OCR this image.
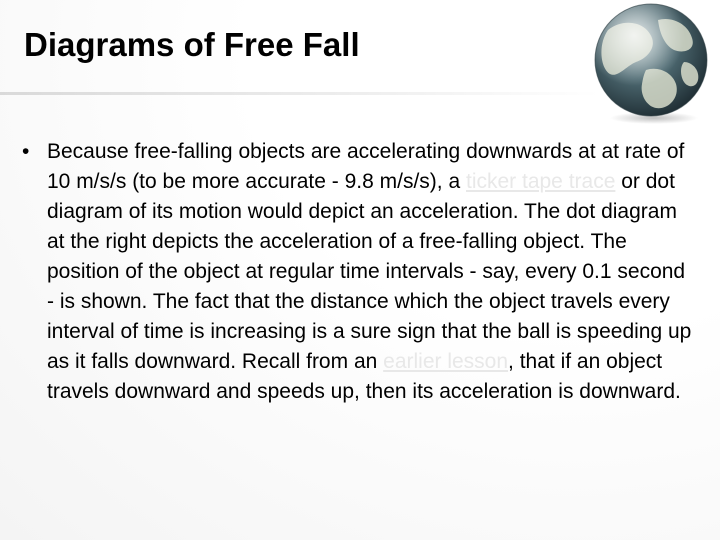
Diagrams of Free Fall
• Because free-falling objects are accelerating downwards at at rate of 10 m/s/s (to be more accurate - 9.8 m/s/s), a ticker tape trace or dot diagram of its motion would depict an acceleration. The dot diagram at the right depicts the acceleration of a free-falling object. The position of the object at regular time intervals - say, every 0.1 second - is shown. The fact that the distance which the object travels every interval of time is increasing is a sure sign that the ball is speeding up as it falls downward. Recall from an earlier lesson, that if an object travels downward and speeds up, then its acceleration is downward.
